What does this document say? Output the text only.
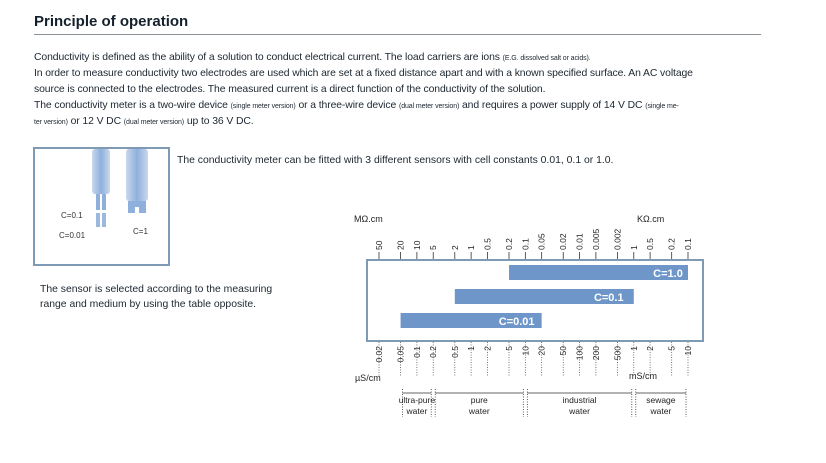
Principle of operation
Conductivity is defined as the ability of a solution to conduct electrical current. The load carriers are ions (E.G. dissolved salt or acids).
In order to measure conductivity two electrodes are used which are set at a fixed distance apart and with a known specified surface. An AC voltage
source is connected to the electrodes. The measured current is a direct function of the conductivity of the solution.
The conductivity meter is a two-wire device (single meter version) or a three-wire device (dual meter version) and requires a power supply of 14 V DC (single me-
ter version) or 12 V DC (dual meter version) up to 36 V DC.
C=0.1
C=0.01	C=1
The conductivity meter can be fitted with 3 different sensors with cell constants 0.01, 0.1 or 1.0.
The sensor is selected according to the measuring
range and medium by using the table opposite.
MΩ.cm	KΩ.cm
µS/cm	mS/cm
50 20 10 5 2 1 0.5 0.2 0.1 0.05 0.02 0.01 0.005 0.002 1 0.5 0.2 0.1
0.02 0.05 0.1 0.2 0.5 1 2 5 10 20 50 100 200 500 1 2 5 10
C=1.0
C=0.1
C=0.01
ultra-pure
water
pure
water
industrial
water
sewage
water
